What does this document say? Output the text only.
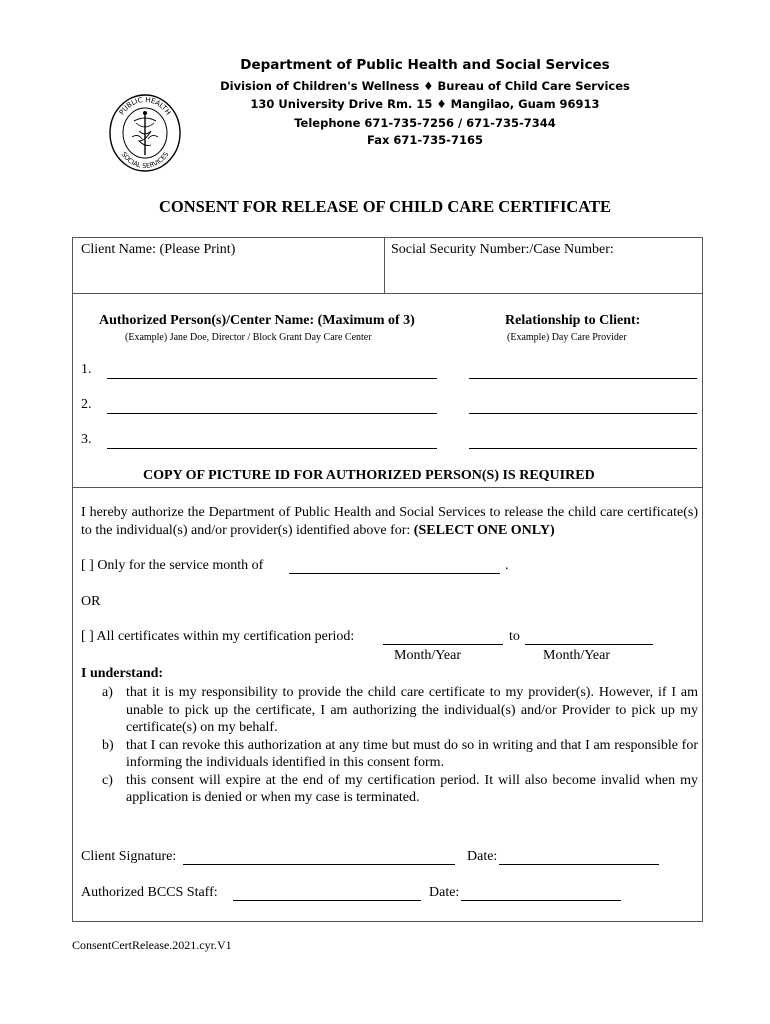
PUBLIC HEALTH
SOCIAL SERVICES
Department of Public Health and Social Services
Division of Children's Wellness ♦ Bureau of Child Care Services
130 University Drive Rm. 15 ♦ Mangilao, Guam 96913
Telephone 671-735-7256 / 671-735-7344
Fax 671-735-7165
CONSENT FOR RELEASE OF CHILD CARE CERTIFICATE
Client Name: (Please Print)	Social Security Number:/Case Number:
Authorized Person(s)/Center Name: (Maximum of 3)
(Example) Jane Doe, Director / Block Grant Day Care Center
Relationship to Client:
(Example) Day Care Provider
1.
2.
3.
COPY OF PICTURE ID FOR AUTHORIZED PERSON(S) IS REQUIRED
I hereby authorize the Department of Public Health and Social Services to release the child care certificate(s) to the individual(s) and/or provider(s) identified above for: (SELECT ONE ONLY)
[ ] Only for the service month of	.
OR
[ ] All certificates within my certification period:	to
Month/Year	Month/Year
I understand:
a) that it is my responsibility to provide the child care certificate to my provider(s). However, if I am unable to pick up the certificate, I am authorizing the individual(s) and/or Provider to pick up my certificate(s) on my behalf.
b) that I can revoke this authorization at any time but must do so in writing and that I am responsible for informing the individuals identified in this consent form.
c) this consent will expire at the end of my certification period. It will also become invalid when my application is denied or when my case is terminated.
Client Signature:	Date:
Authorized BCCS Staff:	Date:
ConsentCertRelease.2021.cyr.V1
